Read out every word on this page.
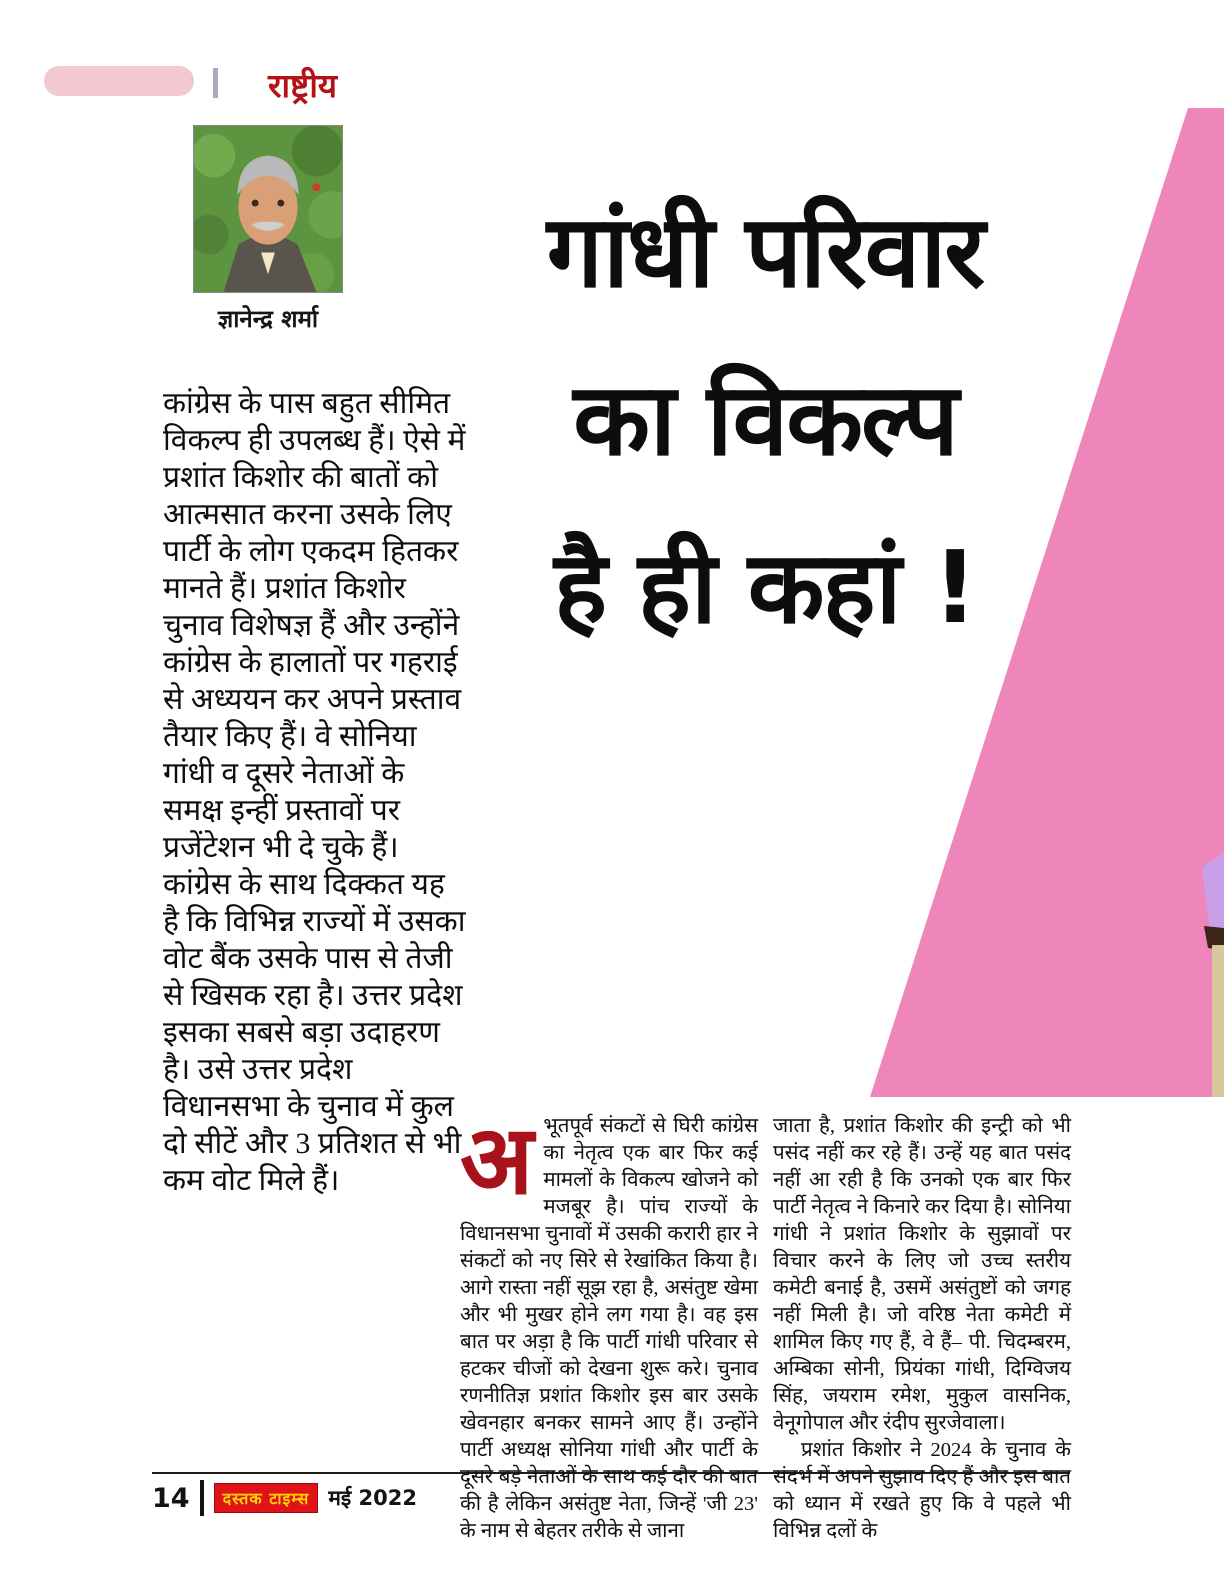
राष्ट्रीय
ज्ञानेन्द्र शर्मा
गांधी परिवार
का विकल्प
है ही कहां !
कांग्रेस के पास बहुत सीमित विकल्प ही उपलब्ध हैं। ऐसे में प्रशांत किशोर की बातों को आत्मसात करना उसके लिए पार्टी के लोग एकदम हितकर मानते हैं। प्रशांत किशोर चुनाव विशेषज्ञ हैं और उन्होंने कांग्रेस के हालातों पर गहराई से अध्ययन कर अपने प्रस्ताव तैयार किए हैं। वे सोनिया गांधी व दूसरे नेताओं के समक्ष इन्हीं प्रस्तावों पर प्रजेंटेशन भी दे चुके हैं। कांग्रेस के साथ दिक्कत यह है कि विभिन्न राज्यों में उसका वोट बैंक उसके पास से तेजी से खिसक रहा है। उत्तर प्रदेश इसका सबसे बड़ा उदाहरण है। उसे उत्तर प्रदेश विधानसभा के चुनाव में कुल दो सीटें और 3 प्रतिशत से भी कम वोट मिले हैं।	अभूतपूर्व संकटों से घिरी कांग्रेस का नेतृत्व एक बार फिर कई मामलों के विकल्प खोजने को मजबूर है। पांच राज्यों के विधानसभा चुनावों में उसकी करारी हार ने संकटों को नए सिरे से रेखांकित किया है। आगे रास्ता नहीं सूझ रहा है, असंतुष्ट खेमा और भी मुखर होने लग गया है। वह इस बात पर अड़ा है कि पार्टी गांधी परिवार से हटकर चीजों को देखना शुरू करे। चुनाव रणनीतिज्ञ प्रशांत किशोर इस बार उसके खेवनहार बनकर सामने आए हैं। उन्होंने पार्टी अध्यक्ष सोनिया गांधी और पार्टी के दूसरे बड़े नेताओं के साथ कई दौर की बात की है लेकिन असंतुष्ट नेता, जिन्हें 'जी 23' के नाम से बेहतर तरीके से जाना

जाता है, प्रशांत किशोर की इन्ट्री को भी पसंद नहीं कर रहे हैं। उन्हें यह बात पसंद नहीं आ रही है कि उनको एक बार फिर पार्टी नेतृत्व ने किनारे कर दिया है। सोनिया गांधी ने प्रशांत किशोर के सुझावों पर विचार करने के लिए जो उच्च स्तरीय कमेटी बनाई है, उसमें असंतुष्टों को जगह नहीं मिली है। जो वरिष्ठ नेता कमेटी में शामिल किए गए हैं, वे हैं– पी. चिदम्बरम, अम्बिका सोनी, प्रियंका गांधी, दिग्विजय सिंह, जयराम रमेश, मुकुल वासनिक, वेनूगोपाल और रंदीप सुरजेवाला।

प्रशांत किशोर ने 2024 के चुनाव के संदर्भ में अपने सुझाव दिए हैं और इस बात को ध्यान में रखते हुए कि वे पहले भी विभिन्न दलों के

14	दस्तक टाइम्स मई 2022
